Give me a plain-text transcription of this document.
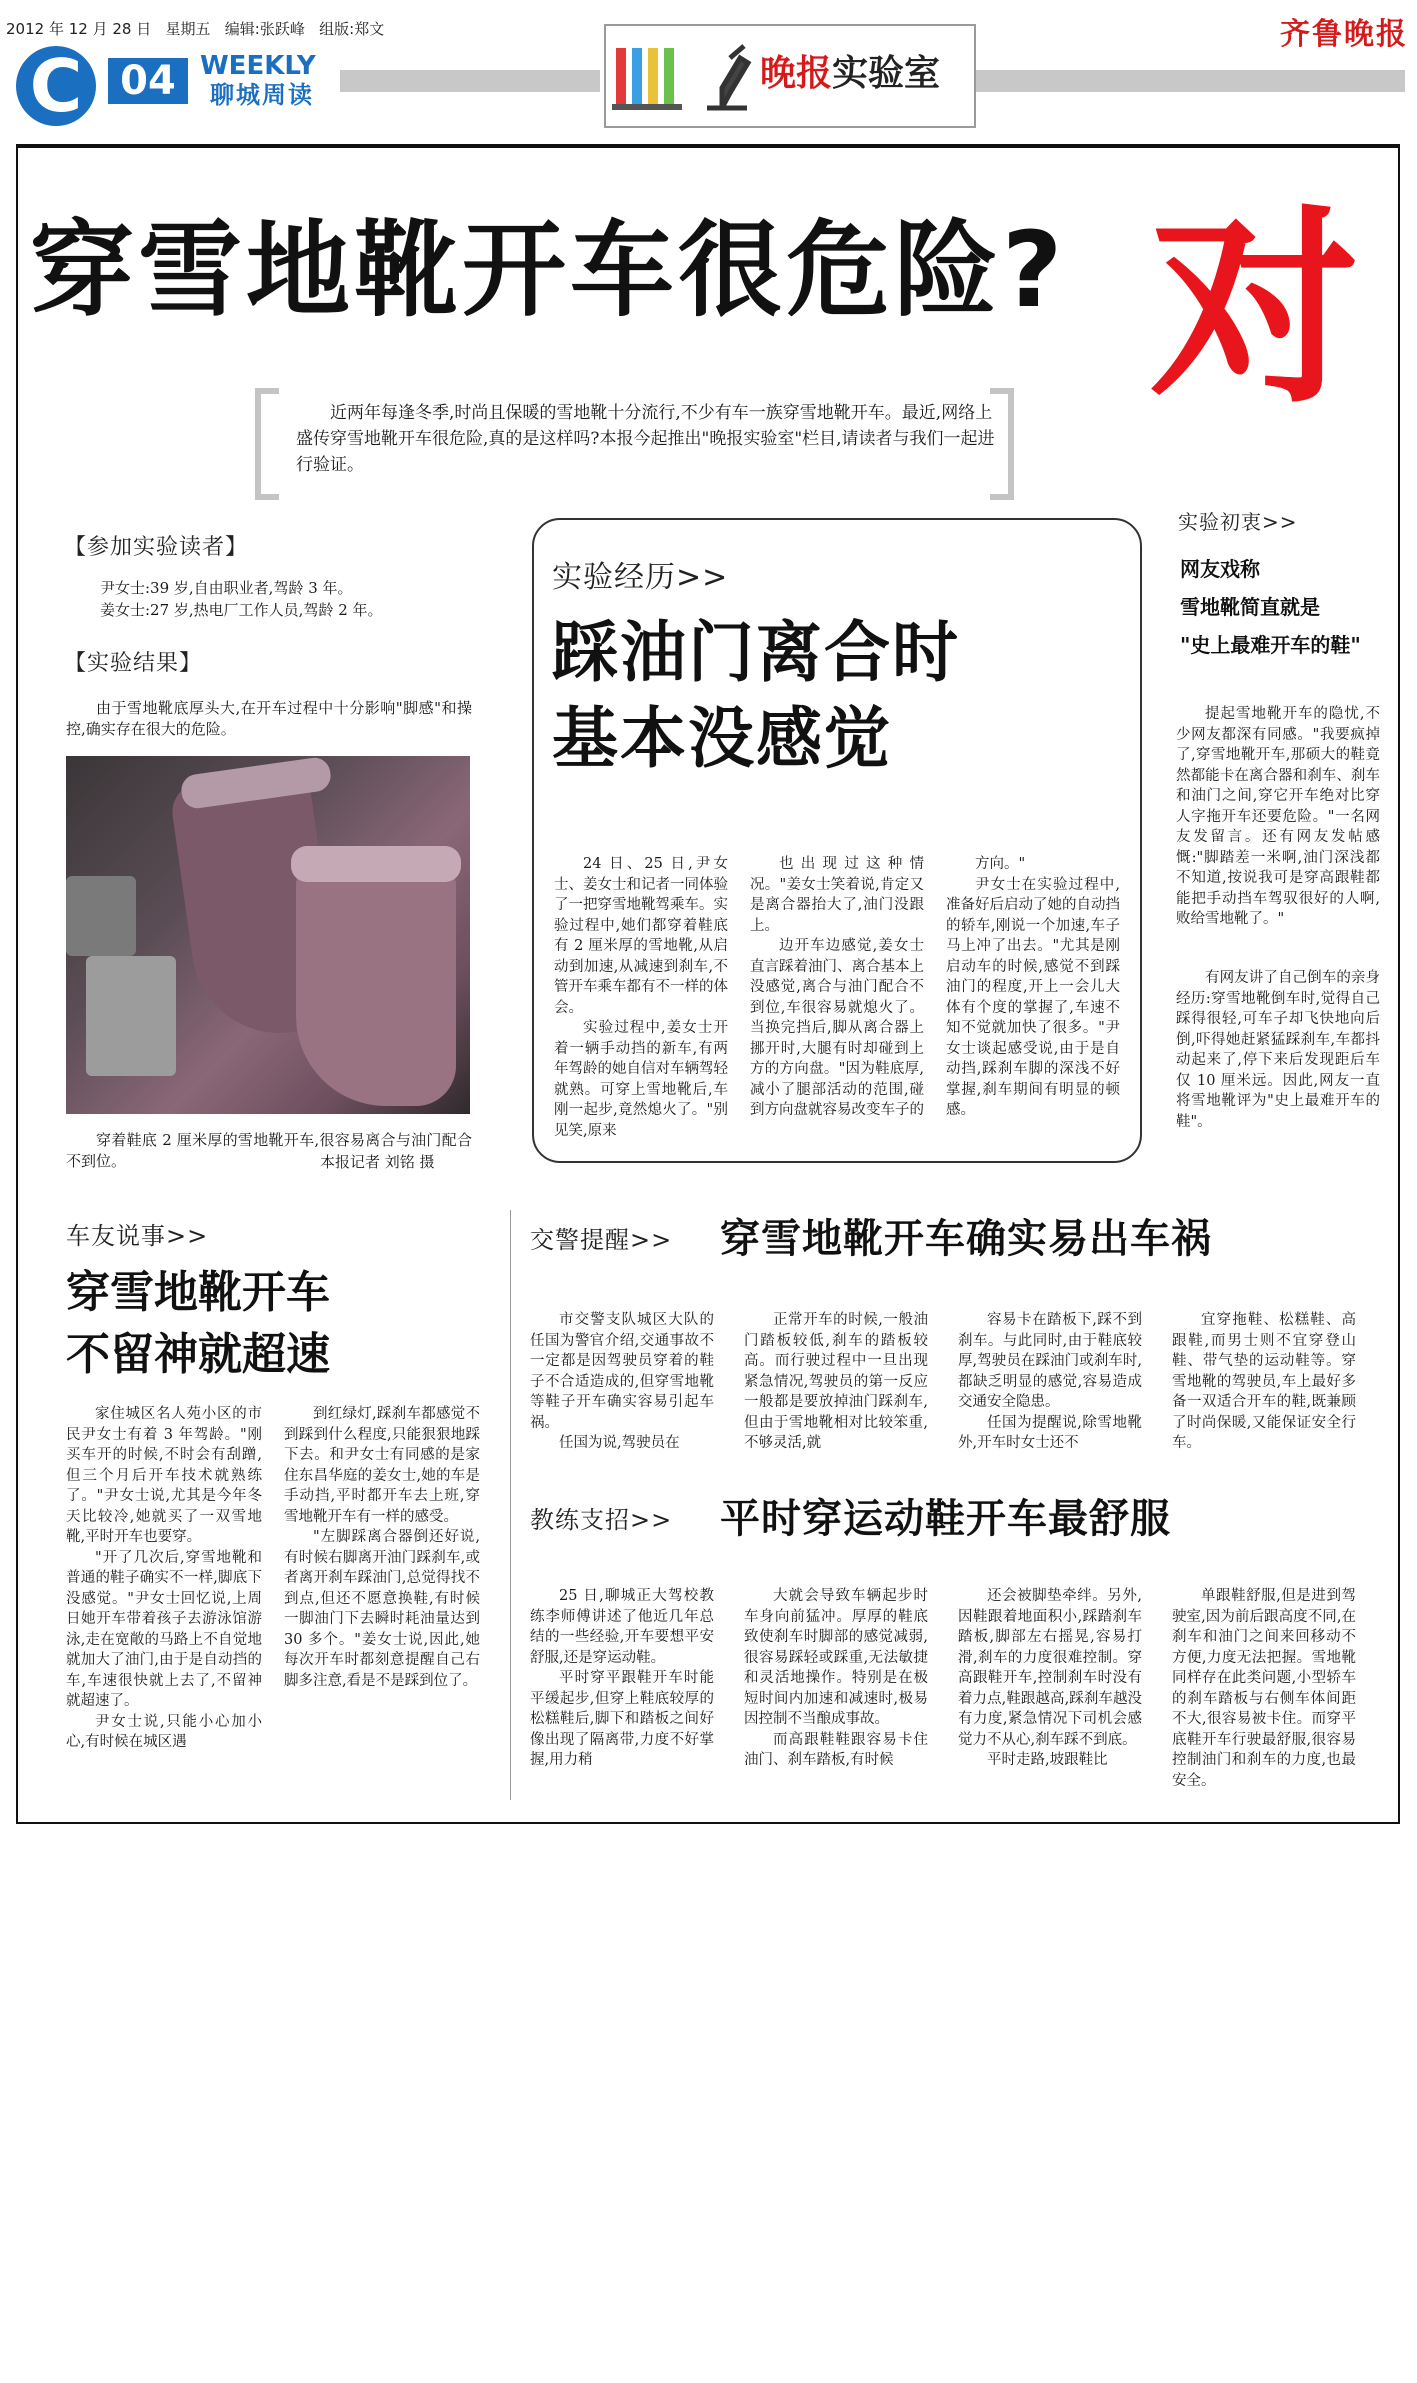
2012 年 12 月 28 日   星期五   编辑:张跃峰   组版:郑文
C 04 WEEKLY
聊城周读
晚报实验室
齐鲁晚报
穿雪地靴开车很危险? 对
近两年每逢冬季,时尚且保暖的雪地靴十分流行,不少有车一族穿雪地靴开车。最近,网络上盛传穿雪地靴开车很危险,真的是这样吗?本报今起推出"晚报实验室"栏目,请读者与我们一起进行验证。
【参加实验读者】
尹女士:39 岁,自由职业者,驾龄 3 年。
姜女士:27 岁,热电厂工作人员,驾龄 2 年。
【实验结果】
由于雪地靴底厚头大,在开车过程中十分影响"脚感"和操控,确实存在很大的危险。
穿着鞋底 2 厘米厚的雪地靴开车,很容易离合与油门配合不到位。	本报记者 刘铭 摄
实验经历>>
踩油门离合时
基本没感觉
24 日、25 日,尹女士、姜女士和记者一同体验了一把穿雪地靴驾乘车。实验过程中,她们都穿着鞋底有 2 厘米厚的雪地靴,从启动到加速,从减速到刹车,不管开车乘车都有不一样的体会。
实验过程中,姜女士开着一辆手动挡的新车,有两年驾龄的她自信对车辆驾轻就熟。可穿上雪地靴后,车刚一起步,竟然熄火了。"别见笑,原来
也出现过这种情况。"姜女士笑着说,肯定又是离合器抬大了,油门没跟上。
边开车边感觉,姜女士直言踩着油门、离合基本上没感觉,离合与油门配合不到位,车很容易就熄火了。当换完挡后,脚从离合器上挪开时,大腿有时却碰到上方的方向盘。"因为鞋底厚,减小了腿部活动的范围,碰到方向盘就容易改变车子的
方向。"
尹女士在实验过程中,准备好后启动了她的自动挡的轿车,刚说一个加速,车子马上冲了出去。"尤其是刚启动车的时候,感觉不到踩油门的程度,开上一会儿大体有个度的掌握了,车速不知不觉就加快了很多。"尹女士谈起感受说,由于是自动挡,踩刹车脚的深浅不好掌握,刹车期间有明显的顿感。
实验初衷>>
网友戏称
雪地靴简直就是
"史上最难开车的鞋"
提起雪地靴开车的隐忧,不少网友都深有同感。"我要疯掉了,穿雪地靴开车,那硕大的鞋竟然都能卡在离合器和刹车、刹车和油门之间,穿它开车绝对比穿人字拖开车还要危险。"一名网友发留言。还有网友发帖感慨:"脚踏差一米啊,油门深浅都不知道,按说我可是穿高跟鞋都能把手动挡车驾驭很好的人啊,败给雪地靴了。"
有网友讲了自己倒车的亲身经历:穿雪地靴倒车时,觉得自己踩得很轻,可车子却飞快地向后倒,吓得她赶紧猛踩刹车,车都抖动起来了,停下来后发现距后车仅 10 厘米远。因此,网友一直将雪地靴评为"史上最难开车的鞋"。
车友说事>>
穿雪地靴开车
不留神就超速
家住城区名人苑小区的市民尹女士有着 3 年驾龄。"刚买车开的时候,不时会有刮蹭,但三个月后开车技术就熟练了。"尹女士说,尤其是今年冬天比较冷,她就买了一双雪地靴,平时开车也要穿。
"开了几次后,穿雪地靴和普通的鞋子确实不一样,脚底下没感觉。"尹女士回忆说,上周日她开车带着孩子去游泳馆游泳,走在宽敞的马路上不自觉地就加大了油门,由于是自动挡的车,车速很快就上去了,不留神就超速了。
尹女士说,只能小心加小心,有时候在城区遇
到红绿灯,踩刹车都感觉不到踩到什么程度,只能狠狠地踩下去。和尹女士有同感的是家住东昌华庭的姜女士,她的车是手动挡,平时都开车去上班,穿雪地靴开车有一样的感受。
"左脚踩离合器倒还好说,有时候右脚离开油门踩刹车,或者离开刹车踩油门,总觉得找不到点,但还不愿意换鞋,有时候一脚油门下去瞬时耗油量达到 30 多个。"姜女士说,因此,她每次开车时都刻意提醒自己右脚多注意,看是不是踩到位了。
交警提醒>> 穿雪地靴开车确实易出车祸
市交警支队城区大队的任国为警官介绍,交通事故不一定都是因驾驶员穿着的鞋子不合适造成的,但穿雪地靴等鞋子开车确实容易引起车祸。
任国为说,驾驶员在
正常开车的时候,一般油门踏板较低,刹车的踏板较高。而行驶过程中一旦出现紧急情况,驾驶员的第一反应一般都是要放掉油门踩刹车,但由于雪地靴相对比较笨重,不够灵活,就
容易卡在踏板下,踩不到刹车。与此同时,由于鞋底较厚,驾驶员在踩油门或刹车时,都缺乏明显的感觉,容易造成交通安全隐患。
任国为提醒说,除雪地靴外,开车时女士还不
宜穿拖鞋、松糕鞋、高跟鞋,而男士则不宜穿登山鞋、带气垫的运动鞋等。穿雪地靴的驾驶员,车上最好多备一双适合开车的鞋,既兼顾了时尚保暖,又能保证安全行车。
教练支招>> 平时穿运动鞋开车最舒服
25 日,聊城正大驾校教练李师傅讲述了他近几年总结的一些经验,开车要想平安舒服,还是穿运动鞋。
平时穿平跟鞋开车时能平缓起步,但穿上鞋底较厚的松糕鞋后,脚下和踏板之间好像出现了隔离带,力度不好掌握,用力稍
大就会导致车辆起步时车身向前猛冲。厚厚的鞋底致使刹车时脚部的感觉减弱,很容易踩轻或踩重,无法敏捷和灵活地操作。特别是在极短时间内加速和减速时,极易因控制不当酿成事故。
而高跟鞋鞋跟容易卡住油门、刹车踏板,有时候
还会被脚垫牵绊。另外,因鞋跟着地面积小,踩踏刹车踏板,脚部左右摇晃,容易打滑,刹车的力度很难控制。穿高跟鞋开车,控制刹车时没有着力点,鞋跟越高,踩刹车越没有力度,紧急情况下司机会感觉力不从心,刹车踩不到底。
平时走路,坡跟鞋比
单跟鞋舒服,但是进到驾驶室,因为前后跟高度不同,在刹车和油门之间来回移动不方便,力度无法把握。雪地靴同样存在此类问题,小型轿车的刹车踏板与右侧车体间距不大,很容易被卡住。而穿平底鞋开车行驶最舒服,很容易控制油门和刹车的力度,也最安全。
